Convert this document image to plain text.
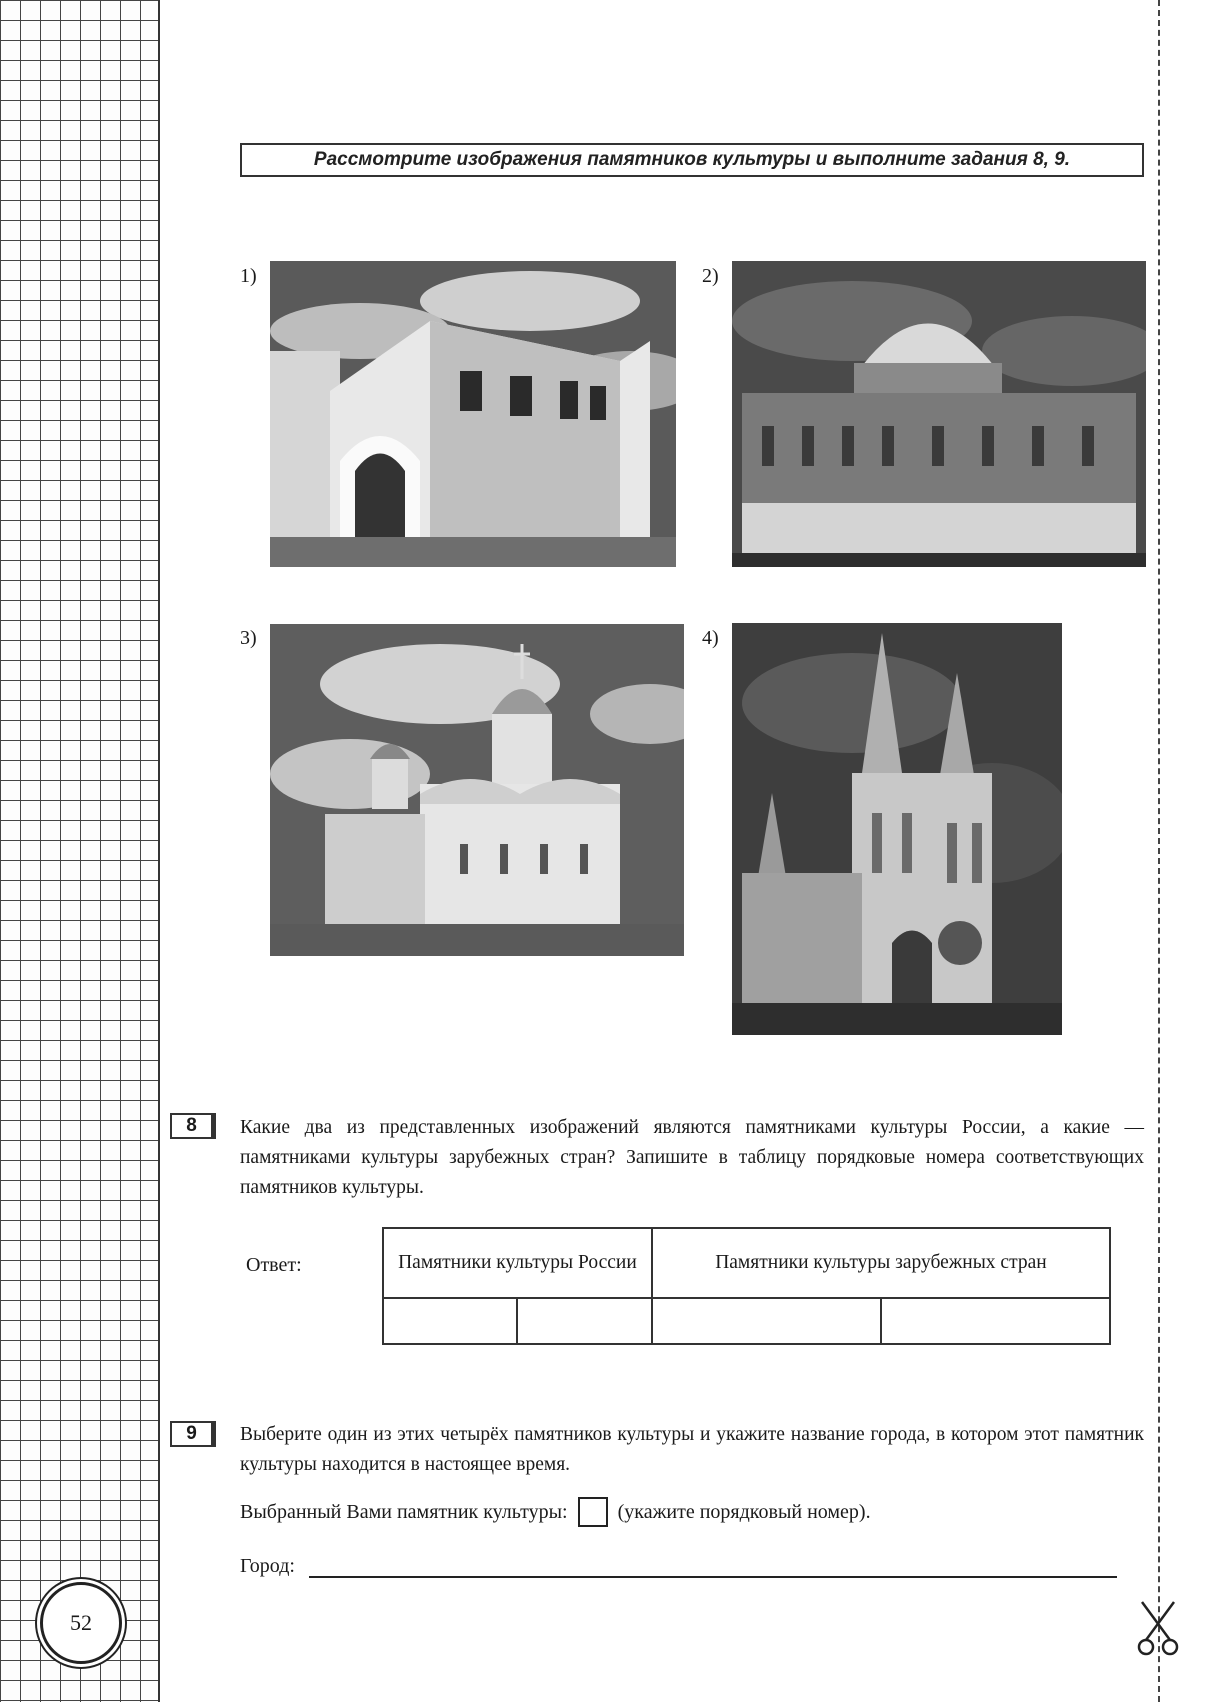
52
Рассмотрите изображения памятников культуры и выполните задания 8, 9.
1)	2)
3)	4)
8	Какие два из представленных изображений являются памятниками культуры России, а какие — памятниками культуры зарубежных стран? Запишите в таблицу порядковые номера соответствующих памятников культуры.
Ответ:	Памятники культуры России		Памятники культуры зарубежных стран	

9	Выберите один из этих четырёх памятников культуры и укажите название города, в котором этот памятник культуры находится в настоящее время.
Выбранный Вами памятник культуры:	(укажите порядковый номер).
Город:
